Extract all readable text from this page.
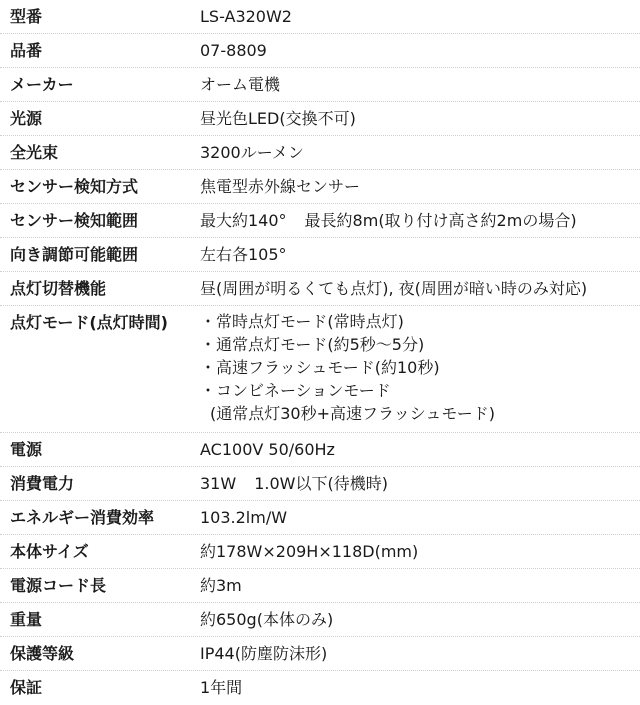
型番	LS-A320W2
品番	07-8809
メーカー	オーム電機
光源	昼光色LED(交換不可)
全光束	3200ルーメン
センサー検知方式	焦電型赤外線センサー
センサー検知範囲	最大約140° 最長約8m(取り付け高さ約2mの場合)
向き調節可能範囲	左右各105°
点灯切替機能	昼(周囲が明るくても点灯), 夜(周囲が暗い時のみ対応)
点灯モード(点灯時間)	・常時点灯モード(常時点灯)
・通常点灯モード(約5秒〜5分)
・高速フラッシュモード(約10秒)
・コンビネーションモード
(通常点灯30秒+高速フラッシュモード)
電源	AC100V 50/60Hz
消費電力	31W 1.0W以下(待機時)
エネルギー消費効率	103.2lm/W
本体サイズ	約178W×209H×118D(mm)
電源コード長	約3m
重量	約650g(本体のみ)
保護等級	IP44(防塵防沫形)
保証	1年間
